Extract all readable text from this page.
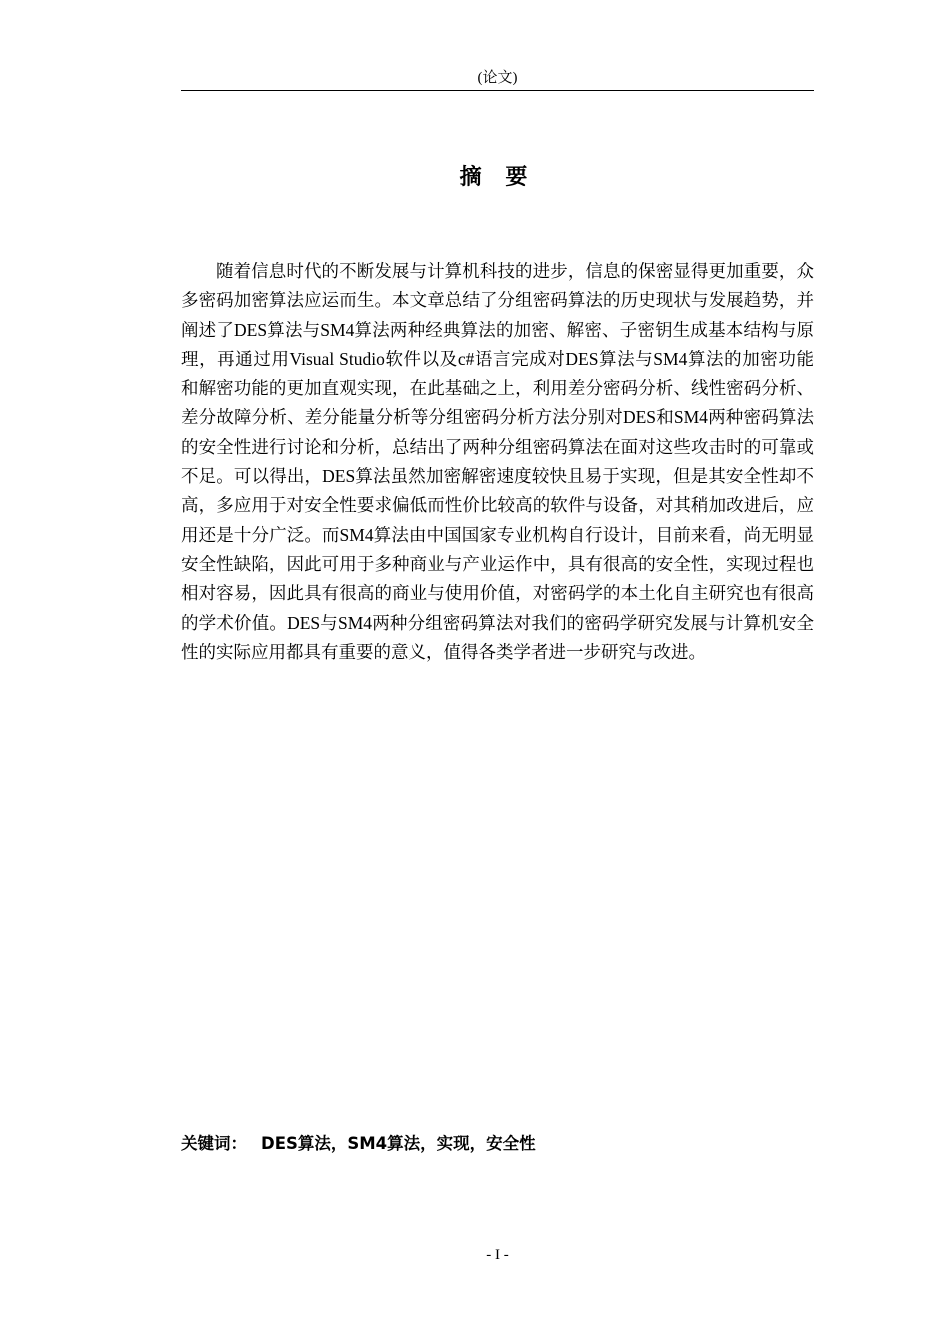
(论文)
摘 要

随着信息时代的不断发展与计算机科技的进步，信息的保密显得更加重要，众多密码加密算法应运而生。本文章总结了分组密码算法的历史现状与发展趋势，并阐述了DES算法与SM4算法两种经典算法的加密、解密、子密钥生成基本结构与原理，再通过用Visual Studio软件以及c#语言完成对DES算法与SM4算法的加密功能和解密功能的更加直观实现，在此基础之上，利用差分密码分析、线性密码分析、差分故障分析、差分能量分析等分组密码分析方法分别对DES和SM4两种密码算法的安全性进行讨论和分析，总结出了两种分组密码算法在面对这些攻击时的可靠或不足。可以得出，DES算法虽然加密解密速度较快且易于实现，但是其安全性却不高，多应用于对安全性要求偏低而性价比较高的软件与设备，对其稍加改进后，应用还是十分广泛。而SM4算法由中国国家专业机构自行设计，目前来看，尚无明显安全性缺陷，因此可用于多种商业与产业运作中，具有很高的安全性，实现过程也相对容易，因此具有很高的商业与使用价值，对密码学的本土化自主研究也有很高的学术价值。DES与SM4两种分组密码算法对我们的密码学研究发展与计算机安全性的实际应用都具有重要的意义，值得各类学者进一步研究与改进。

关键词： DES算法，SM4算法，实现，安全性
- I -
